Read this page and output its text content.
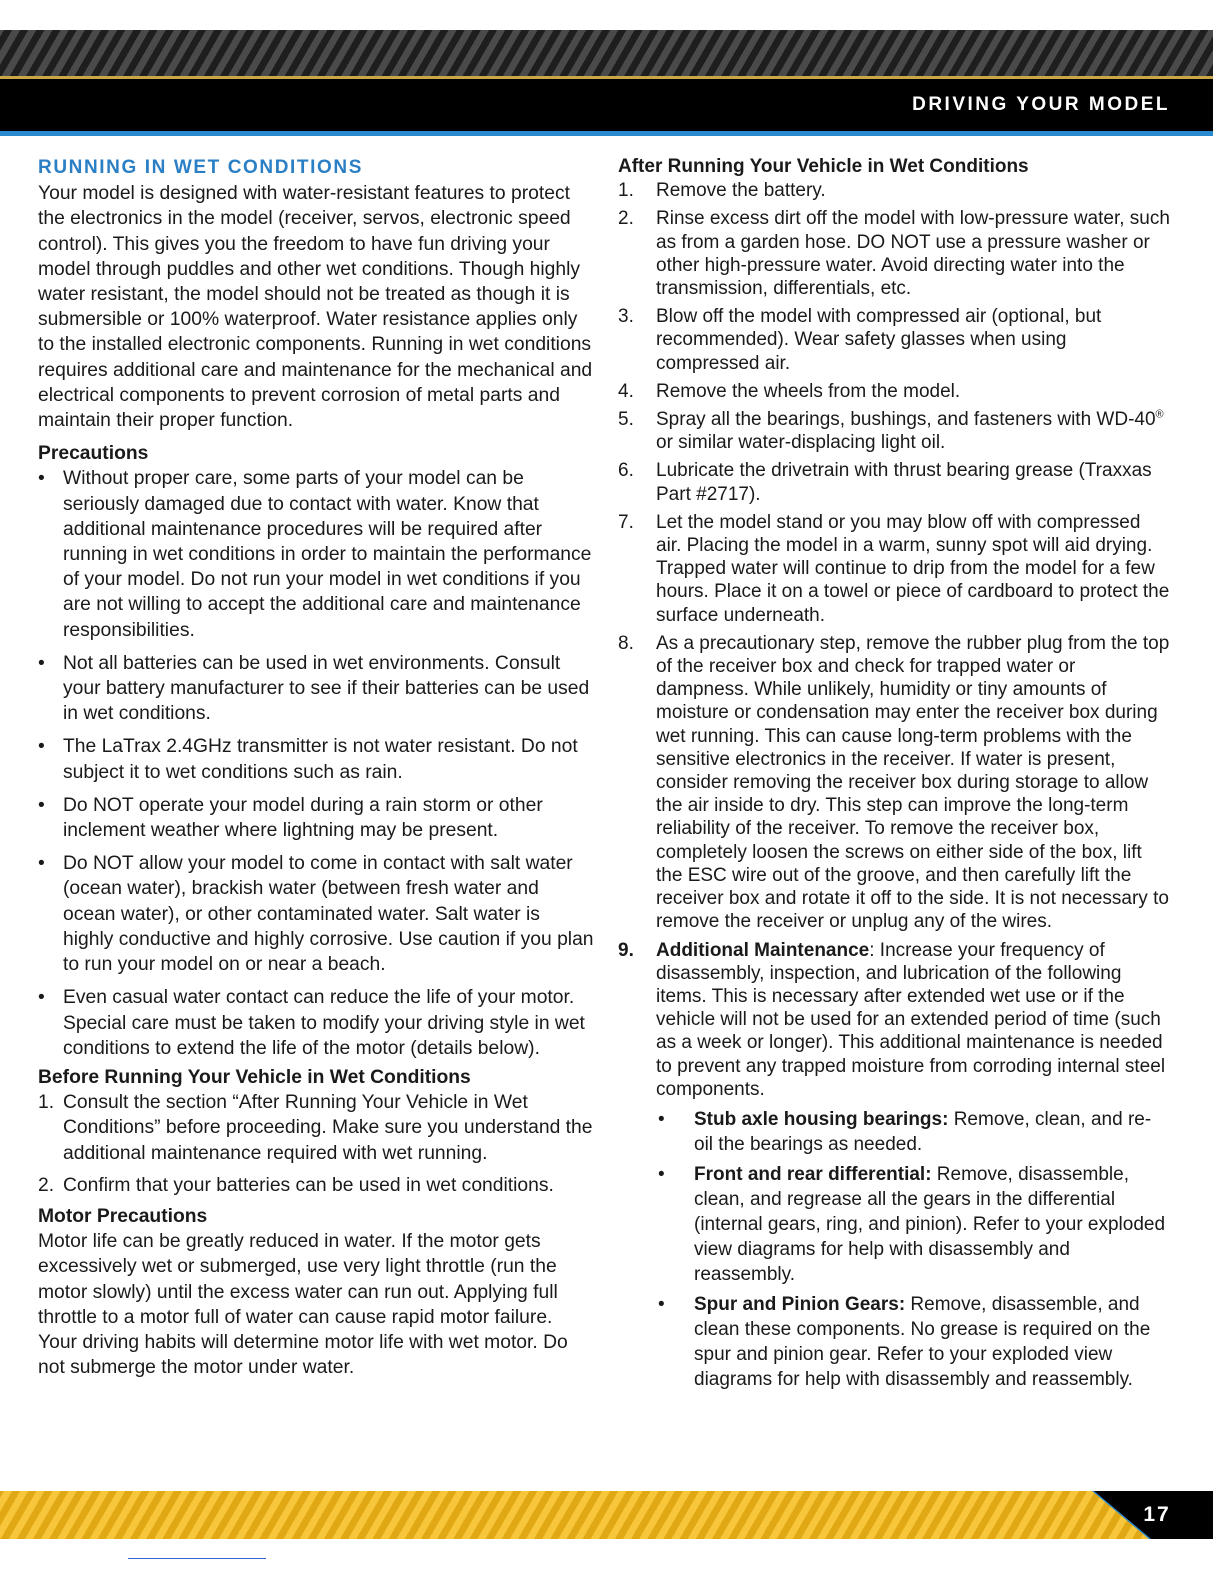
DRIVING YOUR MODEL
RUNNING IN WET CONDITIONS

Your model is designed with water-resistant features to protect the electronics in the model (receiver, servos, electronic speed control). This gives you the freedom to have fun driving your model through puddles and other wet conditions. Though highly water resistant, the model should not be treated as though it is submersible or 100% waterproof. Water resistance applies only to the installed electronic components. Running in wet conditions requires additional care and maintenance for the mechanical and electrical components to prevent corrosion of metal parts and maintain their proper function.

Precautions
• Without proper care, some parts of your model can be seriously damaged due to contact with water. Know that additional maintenance procedures will be required after running in wet conditions in order to maintain the performance of your model. Do not run your model in wet conditions if you are not willing to accept the additional care and maintenance responsibilities.
• Not all batteries can be used in wet environments. Consult your battery manufacturer to see if their batteries can be used in wet conditions.
• The LaTrax 2.4GHz transmitter is not water resistant. Do not subject it to wet conditions such as rain.
• Do NOT operate your model during a rain storm or other inclement weather where lightning may be present.
• Do NOT allow your model to come in contact with salt water (ocean water), brackish water (between fresh water and ocean water), or other contaminated water. Salt water is highly conductive and highly corrosive. Use caution if you plan to run your model on or near a beach.
• Even casual water contact can reduce the life of your motor. Special care must be taken to modify your driving style in wet conditions to extend the life of the motor (details below).
Before Running Your Vehicle in Wet Conditions
1. Consult the section “After Running Your Vehicle in Wet Conditions” before proceeding. Make sure you understand the additional maintenance required with wet running.
2. Confirm that your batteries can be used in wet conditions.
Motor Precautions

Motor life can be greatly reduced in water. If the motor gets excessively wet or submerged, use very light throttle (run the motor slowly) until the excess water can run out. Applying full throttle to a motor full of water can cause rapid motor failure. Your driving habits will determine motor life with wet motor. Do not submerge the motor under water.

After Running Your Vehicle in Wet Conditions
1.	Remove the battery.
2.	Rinse excess dirt off the model with low-pressure water, such as from a garden hose. DO NOT use a pressure washer or other high-pressure water. Avoid directing water into the transmission, differentials, etc.
3.	Blow off the model with compressed air (optional, but recommended). Wear safety glasses when using compressed air.
4.	Remove the wheels from the model.
5.	Spray all the bearings, bushings, and fasteners with WD-40® or similar water-displacing light oil.
6.	Lubricate the drivetrain with thrust bearing grease (Traxxas Part #2717).
7.	Let the model stand or you may blow off with compressed air. Placing the model in a warm, sunny spot will aid drying. Trapped water will continue to drip from the model for a few hours. Place it on a towel or piece of cardboard to protect the surface underneath.
8.	As a precautionary step, remove the rubber plug from the top of the receiver box and check for trapped water or dampness. While unlikely, humidity or tiny amounts of moisture or condensation may enter the receiver box during wet running. This can cause long-term problems with the sensitive electronics in the receiver. If water is present, consider removing the receiver box during storage to allow the air inside to dry. This step can improve the long-term reliability of the receiver. To remove the receiver box, completely loosen the screws on either side of the box, lift the ESC wire out of the groove, and then carefully lift the receiver box and rotate it off to the side. It is not necessary to remove the receiver or unplug any of the wires.
9.	Additional Maintenance: Increase your frequency of disassembly, inspection, and lubrication of the following items. This is necessary after extended wet use or if the vehicle will not be used for an extended period of time (such as a week or longer). This additional maintenance is needed to prevent any trapped moisture from corroding internal steel components.
•	Stub axle housing bearings: Remove, clean, and re-oil the bearings as needed.
•	Front and rear differential: Remove, disassemble, clean, and regrease all the gears in the differential (internal gears, ring, and pinion). Refer to your exploded view diagrams for help with disassembly and reassembly.
•	Spur and Pinion Gears: Remove, disassemble, and clean these components. No grease is required on the spur and pinion gear. Refer to your exploded view diagrams for help with disassembly and reassembly.
17
